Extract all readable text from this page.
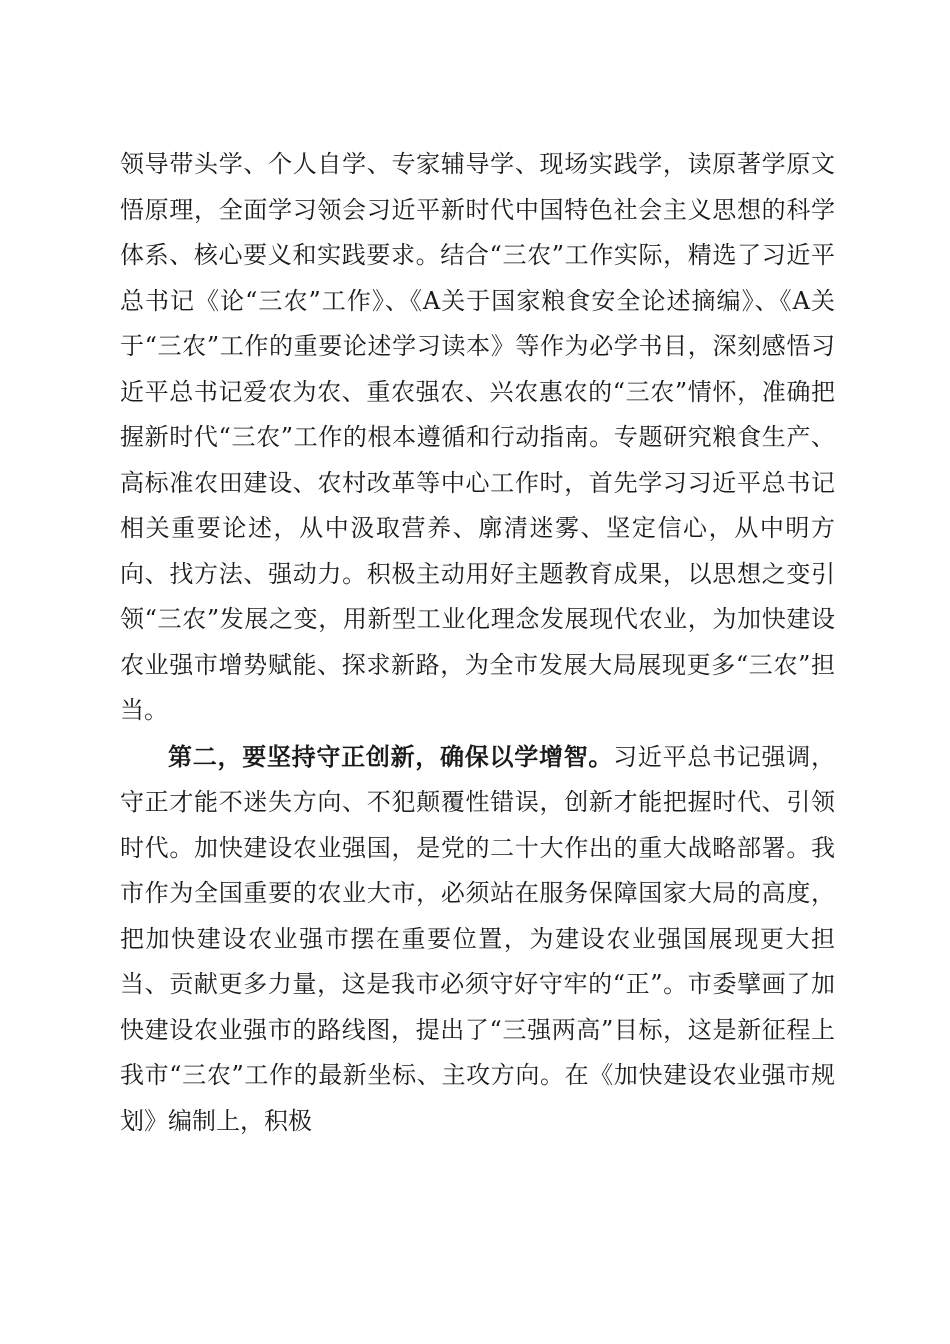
领导带头学、个人自学、专家辅导学、现场实践学，读原著学原文悟原理，全面学习领会习近平新时代中国特色社会主义思想的科学体系、核心要义和实践要求。结合“三农”工作实际，精选了习近平总书记《论“三农”工作》、《A关于国家粮食安全论述摘编》、《A关于“三农”工作的重要论述学习读本》等作为必学书目，深刻感悟习近平总书记爱农为农、重农强农、兴农惠农的“三农”情怀，准确把握新时代“三农”工作的根本遵循和行动指南。专题研究粮食生产、高标准农田建设、农村改革等中心工作时，首先学习习近平总书记相关重要论述，从中汲取营养、廓清迷雾、坚定信心，从中明方向、找方法、强动力。积极主动用好主题教育成果，以思想之变引领“三农”发展之变，用新型工业化理念发展现代农业，为加快建设农业强市增势赋能、探求新路，为全市发展大局展现更多“三农”担当。

第二，要坚持守正创新，确保以学增智。习近平总书记强调，守正才能不迷失方向、不犯颠覆性错误，创新才能把握时代、引领时代。加快建设农业强国，是党的二十大作出的重大战略部署。我市作为全国重要的农业大市，必须站在服务保障国家大局的高度，把加快建设农业强市摆在重要位置，为建设农业强国展现更大担当、贡献更多力量，这是我市必须守好守牢的“正”。市委擘画了加快建设农业强市的路线图，提出了“三强两高”目标，这是新征程上我市“三农”工作的最新坐标、主攻方向。在《加快建设农业强市规划》编制上，积极
